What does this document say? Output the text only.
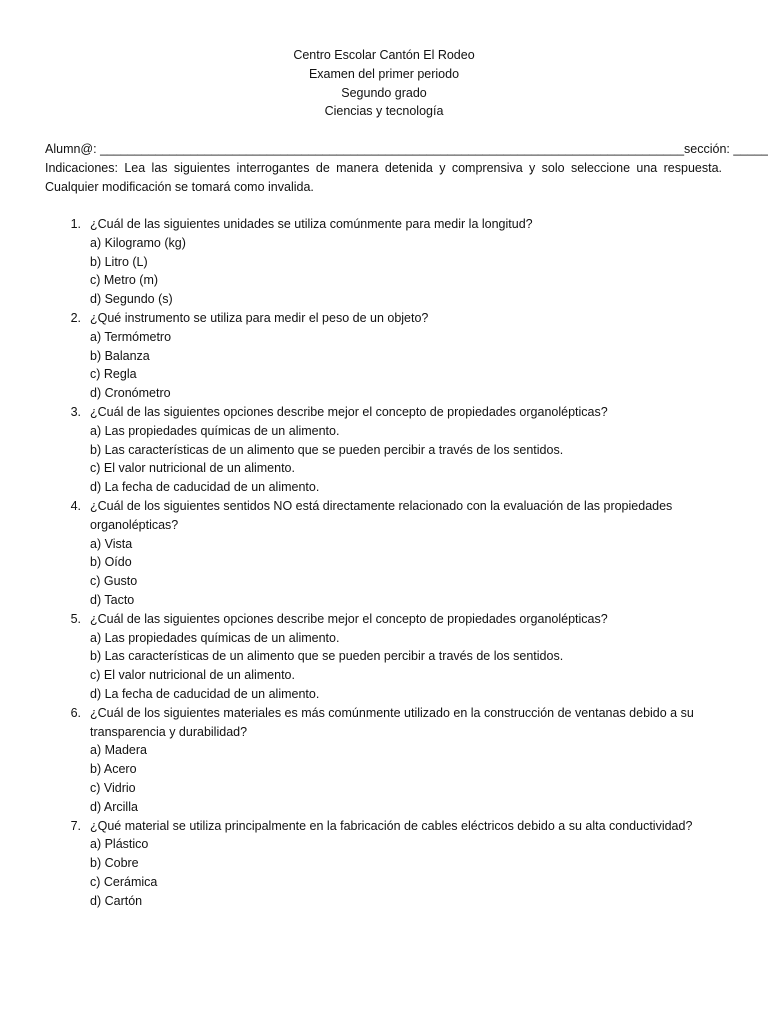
Centro Escolar Cantón El Rodeo
Examen del primer periodo
Segundo grado
Ciencias y tecnología
Alumn@: ____________________________________________________________________________________ sección: _____
Indicaciones: Lea las siguientes interrogantes de manera detenida y comprensiva y solo seleccione una respuesta. Cualquier modificación se tomará como invalida.
1. ¿Cuál de las siguientes unidades se utiliza comúnmente para medir la longitud?
a) Kilogramo (kg)
b) Litro (L)
c) Metro (m)
d) Segundo (s)
2. ¿Qué instrumento se utiliza para medir el peso de un objeto?
a) Termómetro
b) Balanza
c) Regla
d) Cronómetro
3. ¿Cuál de las siguientes opciones describe mejor el concepto de propiedades organolépticas?
a) Las propiedades químicas de un alimento.
b) Las características de un alimento que se pueden percibir a través de los sentidos.
c) El valor nutricional de un alimento.
d) La fecha de caducidad de un alimento.
4. ¿Cuál de los siguientes sentidos NO está directamente relacionado con la evaluación de las propiedades organolépticas?
a) Vista
b) Oído
c) Gusto
d) Tacto
5. ¿Cuál de las siguientes opciones describe mejor el concepto de propiedades organolépticas?
a) Las propiedades químicas de un alimento.
b) Las características de un alimento que se pueden percibir a través de los sentidos.
c) El valor nutricional de un alimento.
d) La fecha de caducidad de un alimento.
6. ¿Cuál de los siguientes materiales es más comúnmente utilizado en la construcción de ventanas debido a su transparencia y durabilidad?
a) Madera
b) Acero
c) Vidrio
d) Arcilla
7. ¿Qué material se utiliza principalmente en la fabricación de cables eléctricos debido a su alta conductividad?
a) Plástico
b) Cobre
c) Cerámica
d) Cartón
